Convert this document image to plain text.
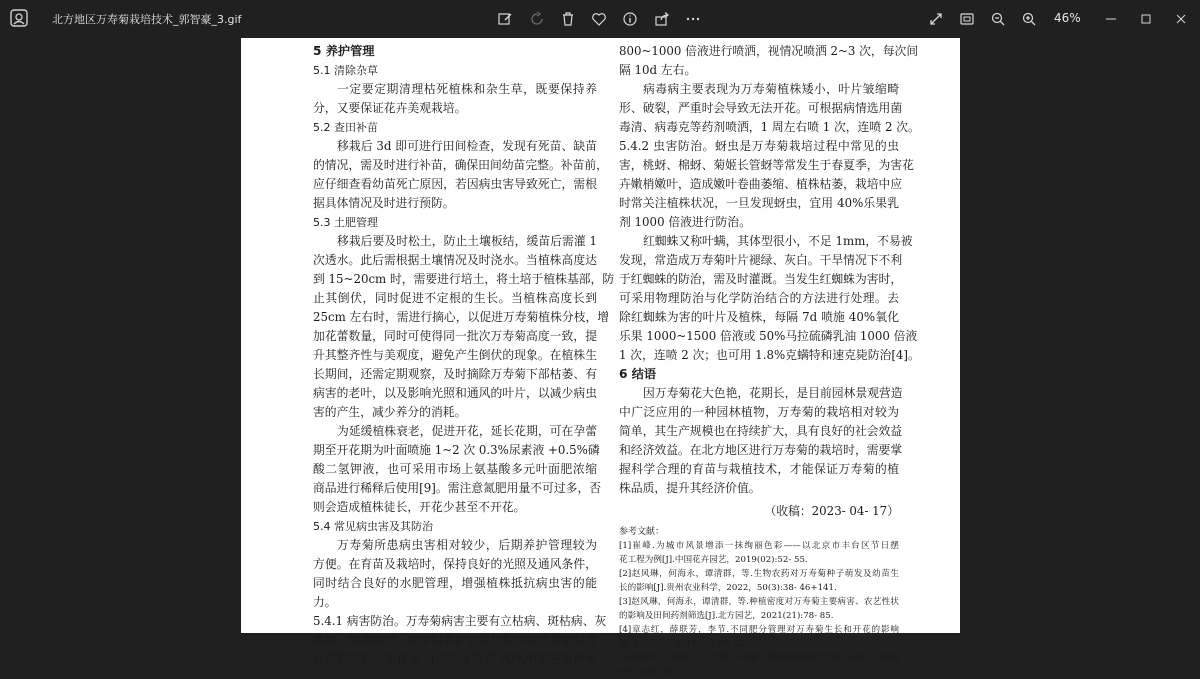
北方地区万寿菊栽培技术_郭智豪_3.gif	46%
5 养护管理
5.1 清除杂草
一定要定期清理枯死植株和杂生草，既要保持养
分，又要保证花卉美观栽培。
5.2 查田补苗
移栽后 3d 即可进行田间检查，发现有死苗、缺苗
的情况，需及时进行补苗，确保田间幼苗完整。补苗前，
应仔细查看幼苗死亡原因，若因病虫害导致死亡，需根
据具体情况及时进行预防。
5.3 土肥管理
移栽后要及时松土，防止土壤板结，缓苗后需灌 1
次透水。此后需根据土壤情况及时浇水。当植株高度达
到 15~20cm 时，需要进行培土，将土培于植株基部，防
止其倒伏，同时促进不定根的生长。当植株高度长到
25cm 左右时，需进行摘心，以促进万寿菊植株分枝，增
加花蕾数量，同时可使得同一批次万寿菊高度一致，提
升其整齐性与美观度，避免产生倒伏的现象。在植株生
长期间，还需定期观察，及时摘除万寿菊下部枯萎、有
病害的老叶，以及影响光照和通风的叶片，以减少病虫
害的产生，减少养分的消耗。
为延缓植株衰老，促进开花，延长花期，可在孕蕾
期至开花期为叶面喷施 1~2 次 0.3%尿素液 +0.5%磷
酸二氢钾液，也可采用市场上氨基酸多元叶面肥浓缩
商品进行稀释后使用[9]。需注意氮肥用量不可过多，否
则会造成植株徒长，开花少甚至不开花。
5.4 常见病虫害及其防治
万寿菊所患病虫害相对较少，后期养护管理较为
方便。在育苗及栽培时，保持良好的光照及通风条件，
同时结合良好的水肥管理，增强植株抵抗病虫害的能
力。
5.4.1 病害防治。万寿菊病害主要有立枯病、斑枯病、灰
霉病、病毒病等。在平时养护管理过程中应注意定时进
行药物防治，如在 6 月中旬可喷洒 70%甲基托布津可
800~1000 倍液进行喷洒，视情况喷洒 2~3 次，每次间
隔 10d 左右。
病毒病主要表现为万寿菊植株矮小，叶片皱缩畸
形、破裂，严重时会导致无法开花。可根据病情选用菌
毒清、病毒克等药剂喷洒，1 周左右喷 1 次，连喷 2 次。
5.4.2 虫害防治。蚜虫是万寿菊栽培过程中常见的虫
害，桃蚜、棉蚜、菊姬长管蚜等常发生于春夏季，为害花
卉嫩梢嫩叶，造成嫩叶卷曲萎缩、植株枯萎，栽培中应
时常关注植株状况，一旦发现蚜虫，宜用 40%乐果乳
剂 1000 倍液进行防治。
红蜘蛛又称叶螨，其体型很小，不足 1mm，不易被
发现，常造成万寿菊叶片褪绿、灰白。干旱情况下不利
于红蜘蛛的防治，需及时灌溉。当发生红蜘蛛为害时，
可采用物理防治与化学防治结合的方法进行处理。去
除红蜘蛛为害的叶片及植株，每隔 7d 喷施 40%氧化
乐果 1000~1500 倍液或 50%马拉硫磷乳油 1000 倍液
1 次，连喷 2 次；也可用 1.8%克螨特和速克毙防治[4]。
6 结语
因万寿菊花大色艳，花期长，是目前园林景观营造
中广泛应用的一种园林植物，万寿菊的栽培相对较为
简单，其生产规模也在持续扩大，具有良好的社会效益
和经济效益。在北方地区进行万寿菊的栽培时，需要掌
握科学合理的育苗与栽植技术，才能保证万寿菊的植
株品质，提升其经济价值。
（收稿：2023- 04- 17）
参考文献：
[1]崔峰.为城市风景增添一抹绚丽色彩——以北京市丰台区节日摆
花工程为例[J].中国花卉园艺，2019(02):52- 55.
[2]赵风琳，何海永，谭清群，等.生物农药对万寿菊种子萌发及幼苗生
长的影响[J].贵州农业科学，2022，50(3):38- 46+141.
[3]赵风琳，何海永，谭清群，等.种植密度对万寿菊主要病害、农艺性状
的影响及田间药剂筛选[J].北方园艺，2021(21):78- 85.
[4]章志红，薛联芳，李节.不同肥分管理对万寿菊生长和开花的影响
[J].北方园艺，2017(02):80- 82.
[5]杨振华，王致和，王生荣.万寿菊主要病害及防治[J].北方园艺，2008
(07):240- 241.
